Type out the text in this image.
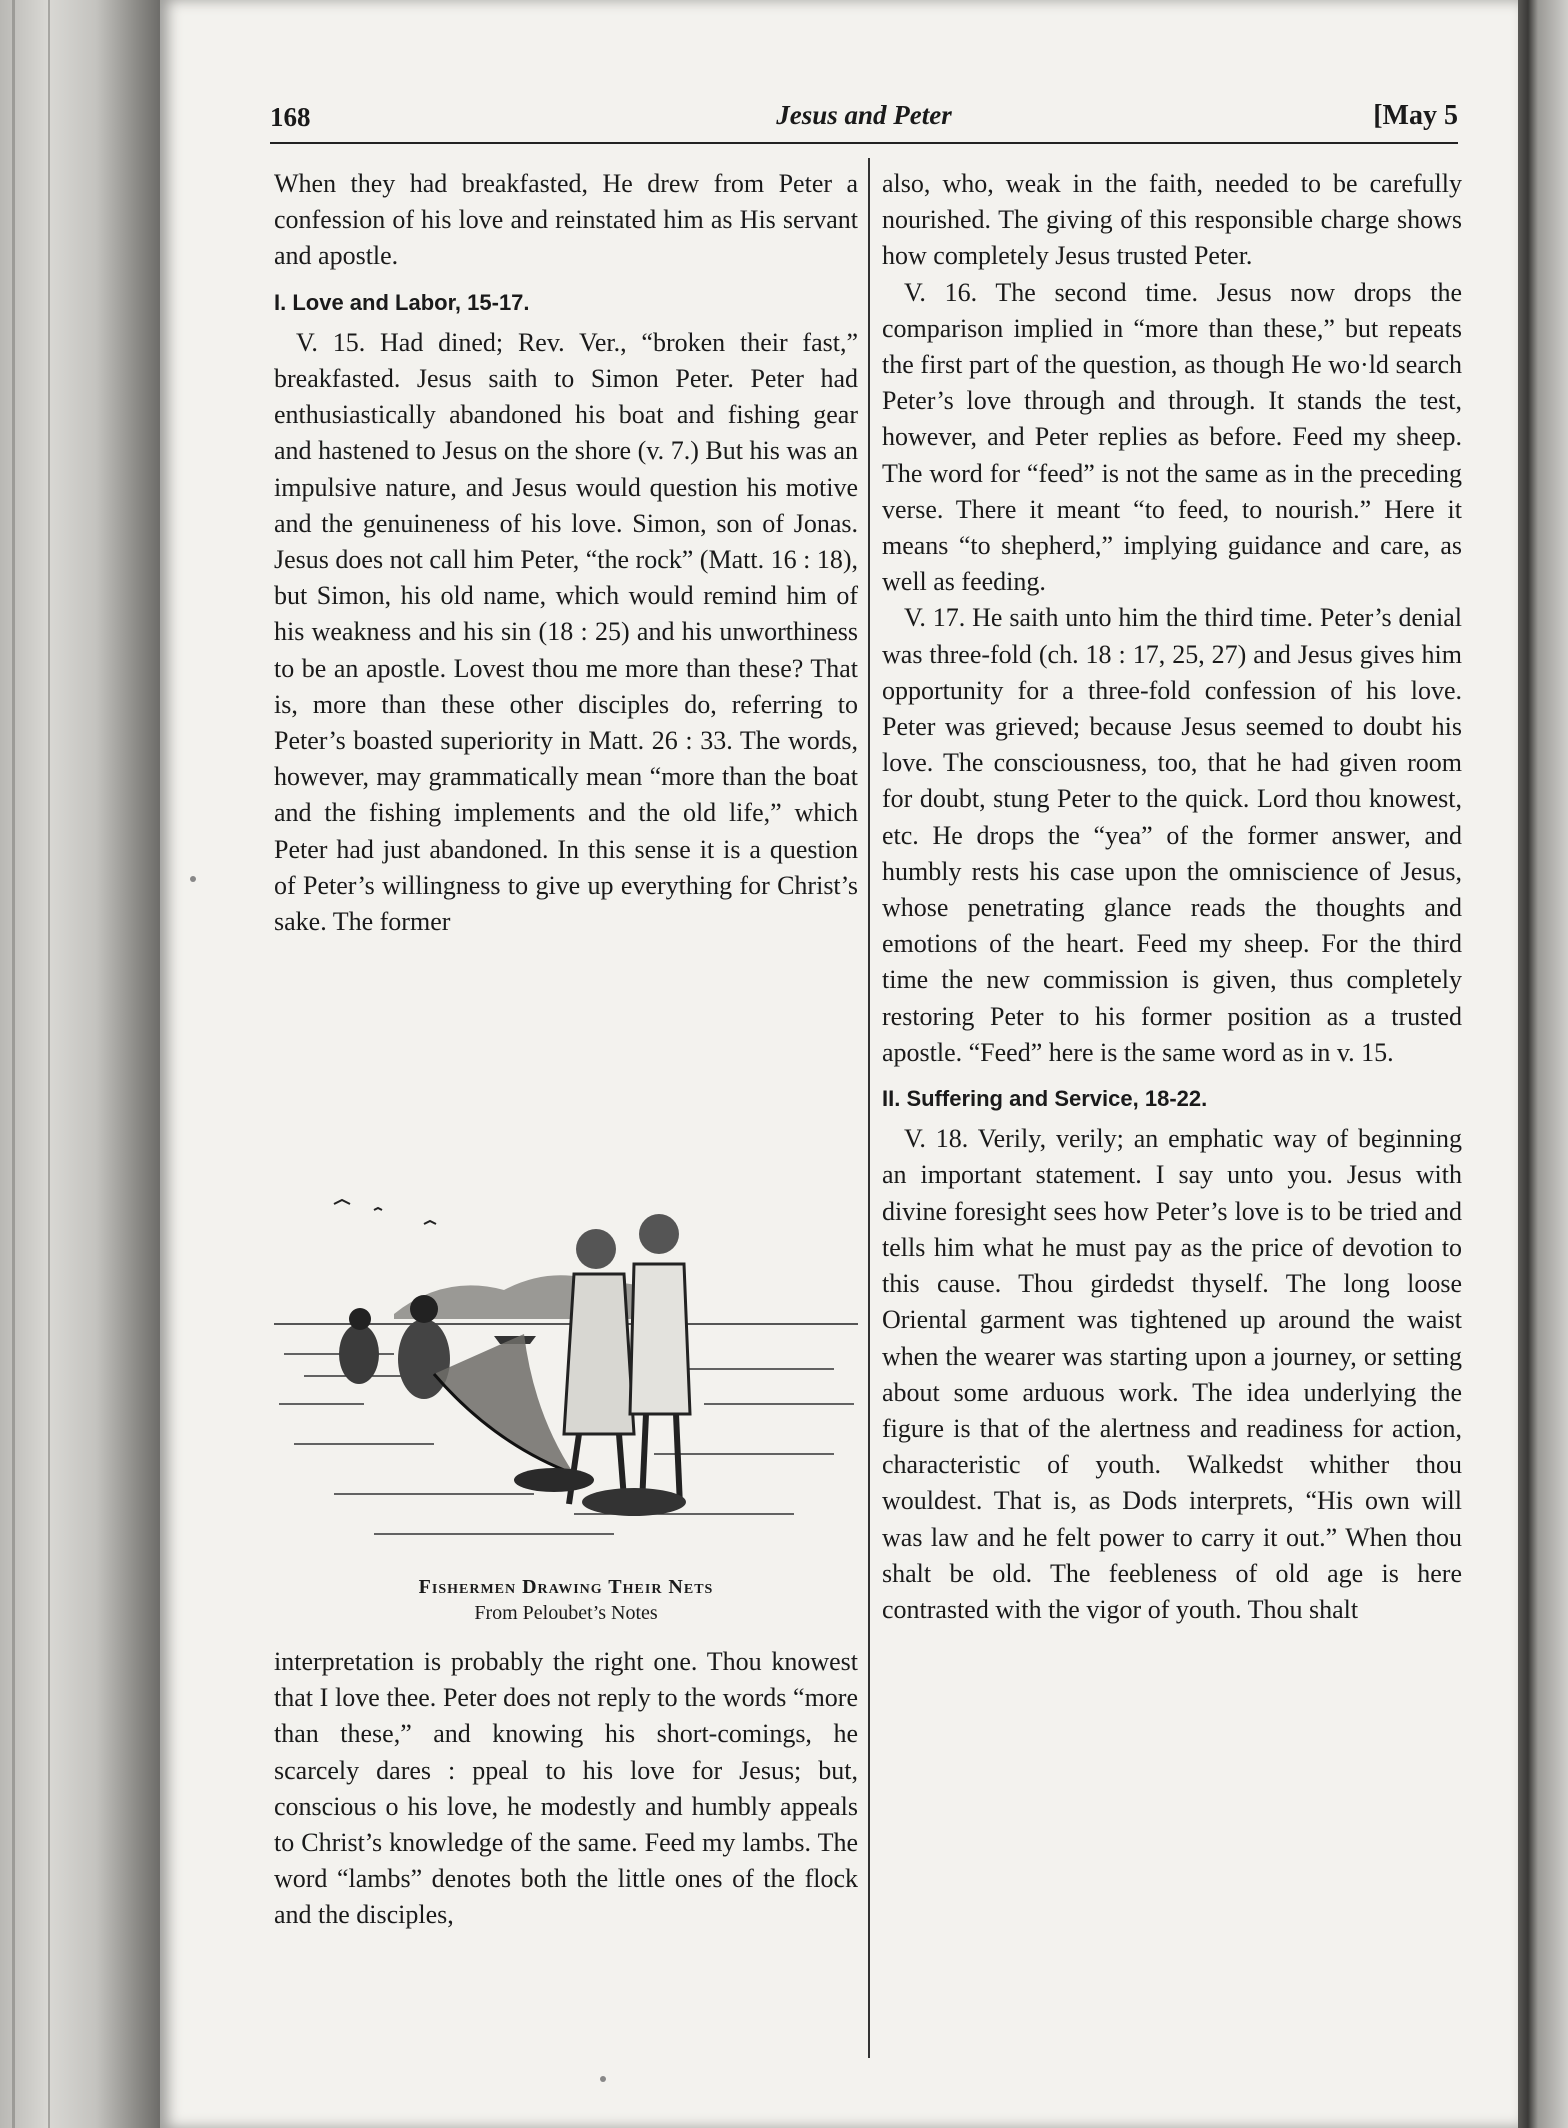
168	Jesus and Peter	[May 5

When they had breakfasted, He drew from Peter a confession of his love and reinstated him as His servant and apostle.

I. Love and Labor, 15-17.

V. 15. Had dined; Rev. Ver., “broken their fast,” breakfasted. Jesus saith to Simon Peter. Peter had enthusiastically abandoned his boat and fishing gear and hastened to Jesus on the shore (v. 7.) But his was an impulsive nature, and Jesus would question his motive and the genuineness of his love. Simon, son of Jonas. Jesus does not call him Peter, “the rock” (Matt. 16 : 18), but Simon, his old name, which would remind him of his weakness and his sin (18 : 25) and his unworthiness to be an apostle. Lovest thou me more than these? That is, more than these other disciples do, referring to Peter’s boasted superiority in Matt. 26 : 33. The words, however, may grammatically mean “more than the boat and the fishing implements and the old life,” which Peter had just abandoned. In this sense it is a question of Peter’s willingness to give up everything for Christ’s sake. The former

Fishermen Drawing Their Nets
From Peloubet’s Notes

interpretation is probably the right one. Thou knowest that I love thee. Peter does not reply to the words “more than these,” and knowing his short-comings, he scarcely dares : ppeal to his love for Jesus; but, conscious o his love, he modestly and humbly appeals to Christ’s knowledge of the same. Feed my lambs. The word “lambs” denotes both the little ones of the flock and the disciples,

also, who, weak in the faith, needed to be carefully nourished. The giving of this responsible charge shows how completely Jesus trusted Peter.

V. 16. The second time. Jesus now drops the comparison implied in “more than these,” but repeats the first part of the question, as though He wo·ld search Peter’s love through and through. It stands the test, however, and Peter replies as before. Feed my sheep. The word for “feed” is not the same as in the preceding verse. There it meant “to feed, to nourish.” Here it means “to shepherd,” implying guidance and care, as well as feeding.

V. 17. He saith unto him the third time. Peter’s denial was three-fold (ch. 18 : 17, 25, 27) and Jesus gives him opportunity for a three-fold confession of his love. Peter was grieved; because Jesus seemed to doubt his love. The consciousness, too, that he had given room for doubt, stung Peter to the quick. Lord thou knowest, etc. He drops the “yea” of the former answer, and humbly rests his case upon the omniscience of Jesus, whose penetrating glance reads the thoughts and emotions of the heart. Feed my sheep. For the third time the new commission is given, thus completely restoring Peter to his former position as a trusted apostle. “Feed” here is the same word as in v. 15.

II. Suffering and Service, 18-22.

V. 18. Verily, verily; an emphatic way of beginning an important statement. I say unto you. Jesus with divine foresight sees how Peter’s love is to be tried and tells him what he must pay as the price of devotion to this cause. Thou girdedst thyself. The long loose Oriental garment was tightened up around the waist when the wearer was starting upon a journey, or setting about some arduous work. The idea underlying the figure is that of the alertness and readiness for action, characteristic of youth. Walkedst whither thou wouldest. That is, as Dods interprets, “His own will was law and he felt power to carry it out.” When thou shalt be old. The feebleness of old age is here contrasted with the vigor of youth. Thou shalt
